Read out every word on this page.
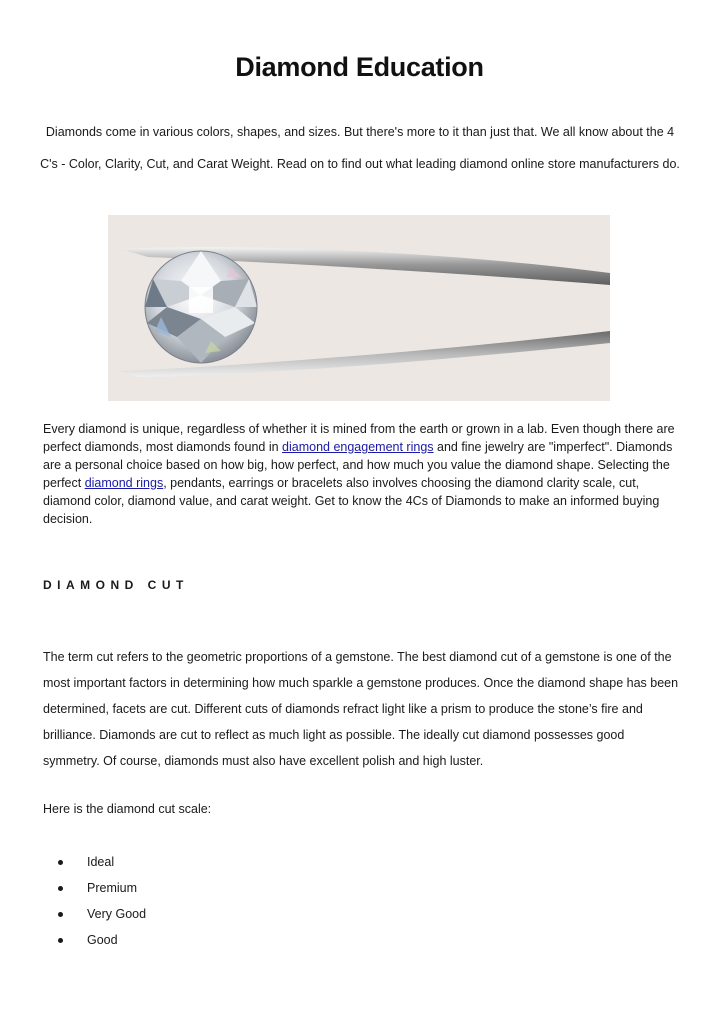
Diamond Education
Diamonds come in various colors, shapes, and sizes. But there's more to it than just that. We all know about the 4 C's - Color, Clarity, Cut, and Carat Weight. Read on to find out what leading diamond online store manufacturers do.
Every diamond is unique, regardless of whether it is mined from the earth or grown in a lab. Even though there are perfect diamonds, most diamonds found in diamond engagement rings and fine jewelry are "imperfect". Diamonds are a personal choice based on how big, how perfect, and how much you value the diamond shape. Selecting the perfect diamond rings, pendants, earrings or bracelets also involves choosing the diamond clarity scale, cut, diamond color, diamond value, and carat weight. Get to know the 4Cs of Diamonds to make an informed buying decision.
DIAMOND CUT
The term cut refers to the geometric proportions of a gemstone. The best diamond cut of a gemstone is one of the most important factors in determining how much sparkle a gemstone produces. Once the diamond shape has been determined, facets are cut. Different cuts of diamonds refract light like a prism to produce the stone’s fire and brilliance. Diamonds are cut to reflect as much light as possible. The ideally cut diamond possesses good symmetry. Of course, diamonds must also have excellent polish and high luster.
Here is the diamond cut scale:
Ideal
Premium
Very Good
Good
